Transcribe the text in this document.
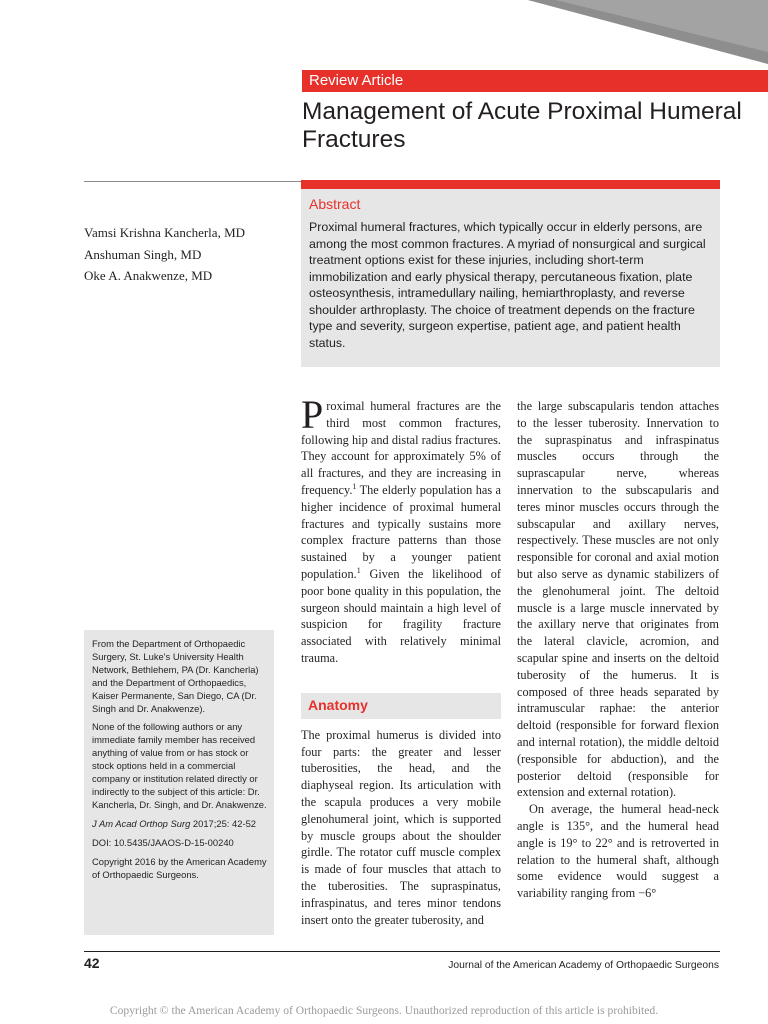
Review Article
Management of Acute Proximal Humeral Fractures
Abstract

Proximal humeral fractures, which typically occur in elderly persons, are among the most common fractures. A myriad of nonsurgical and surgical treatment options exist for these injuries, including short-term immobilization and early physical therapy, percutaneous fixation, plate osteosynthesis, intramedullary nailing, hemiarthroplasty, and reverse shoulder arthroplasty. The choice of treatment depends on the fracture type and severity, surgeon expertise, patient age, and patient health status.

Vamsi Krishna Kancherla, MD
Anshuman Singh, MD
Oke A. Anakwenze, MD

From the Department of Orthopaedic Surgery, St. Luke's University Health Network, Bethlehem, PA (Dr. Kancherla) and the Department of Orthopaedics, Kaiser Permanente, San Diego, CA (Dr. Singh and Dr. Anakwenze).

None of the following authors or any immediate family member has received anything of value from or has stock or stock options held in a commercial company or institution related directly or indirectly to the subject of this article: Dr. Kancherla, Dr. Singh, and Dr. Anakwenze.

J Am Acad Orthop Surg 2017;25: 42-52

DOI: 10.5435/JAAOS-D-15-00240

Copyright 2016 by the American Academy of Orthopaedic Surgeons.

Proximal humeral fractures are the third most common fractures, following hip and distal radius fractures. They account for approximately 5% of all fractures, and they are increasing in frequency.$^1$ The elderly population has a higher incidence of proximal humeral fractures and typically sustains more complex fracture patterns than those sustained by a younger patient population.$^1$ Given the likelihood of poor bone quality in this population, the surgeon should maintain a high level of suspicion for fragility fracture associated with relatively minimal trauma.

Anatomy

The proximal humerus is divided into four parts: the greater and lesser tuberosities, the head, and the diaphyseal region. Its articulation with the scapula produces a very mobile glenohumeral joint, which is supported by muscle groups about the shoulder girdle. The rotator cuff muscle complex is made of four muscles that attach to the tuberosities. The supraspinatus, infraspinatus, and teres minor tendons insert onto the greater tuberosity, and

the large subscapularis tendon attaches to the lesser tuberosity. Innervation to the supraspinatus and infraspinatus muscles occurs through the suprascapular nerve, whereas innervation to the subscapularis and teres minor muscles occurs through the subscapular and axillary nerves, respectively. These muscles are not only responsible for coronal and axial motion but also serve as dynamic stabilizers of the glenohumeral joint. The deltoid muscle is a large muscle innervated by the axillary nerve that originates from the lateral clavicle, acromion, and scapular spine and inserts on the deltoid tuberosity of the humerus. It is composed of three heads separated by intramuscular raphae: the anterior deltoid (responsible for forward flexion and internal rotation), the middle deltoid (responsible for abduction), and the posterior deltoid (responsible for extension and external rotation).

On average, the humeral head-neck angle is 135°, and the humeral head angle is 19° to 22° and is retroverted in relation to the humeral shaft, although some evidence would suggest a variability ranging from −6°

42	Journal of the American Academy of Orthopaedic Surgeons
Copyright © the American Academy of Orthopaedic Surgeons. Unauthorized reproduction of this article is prohibited.
